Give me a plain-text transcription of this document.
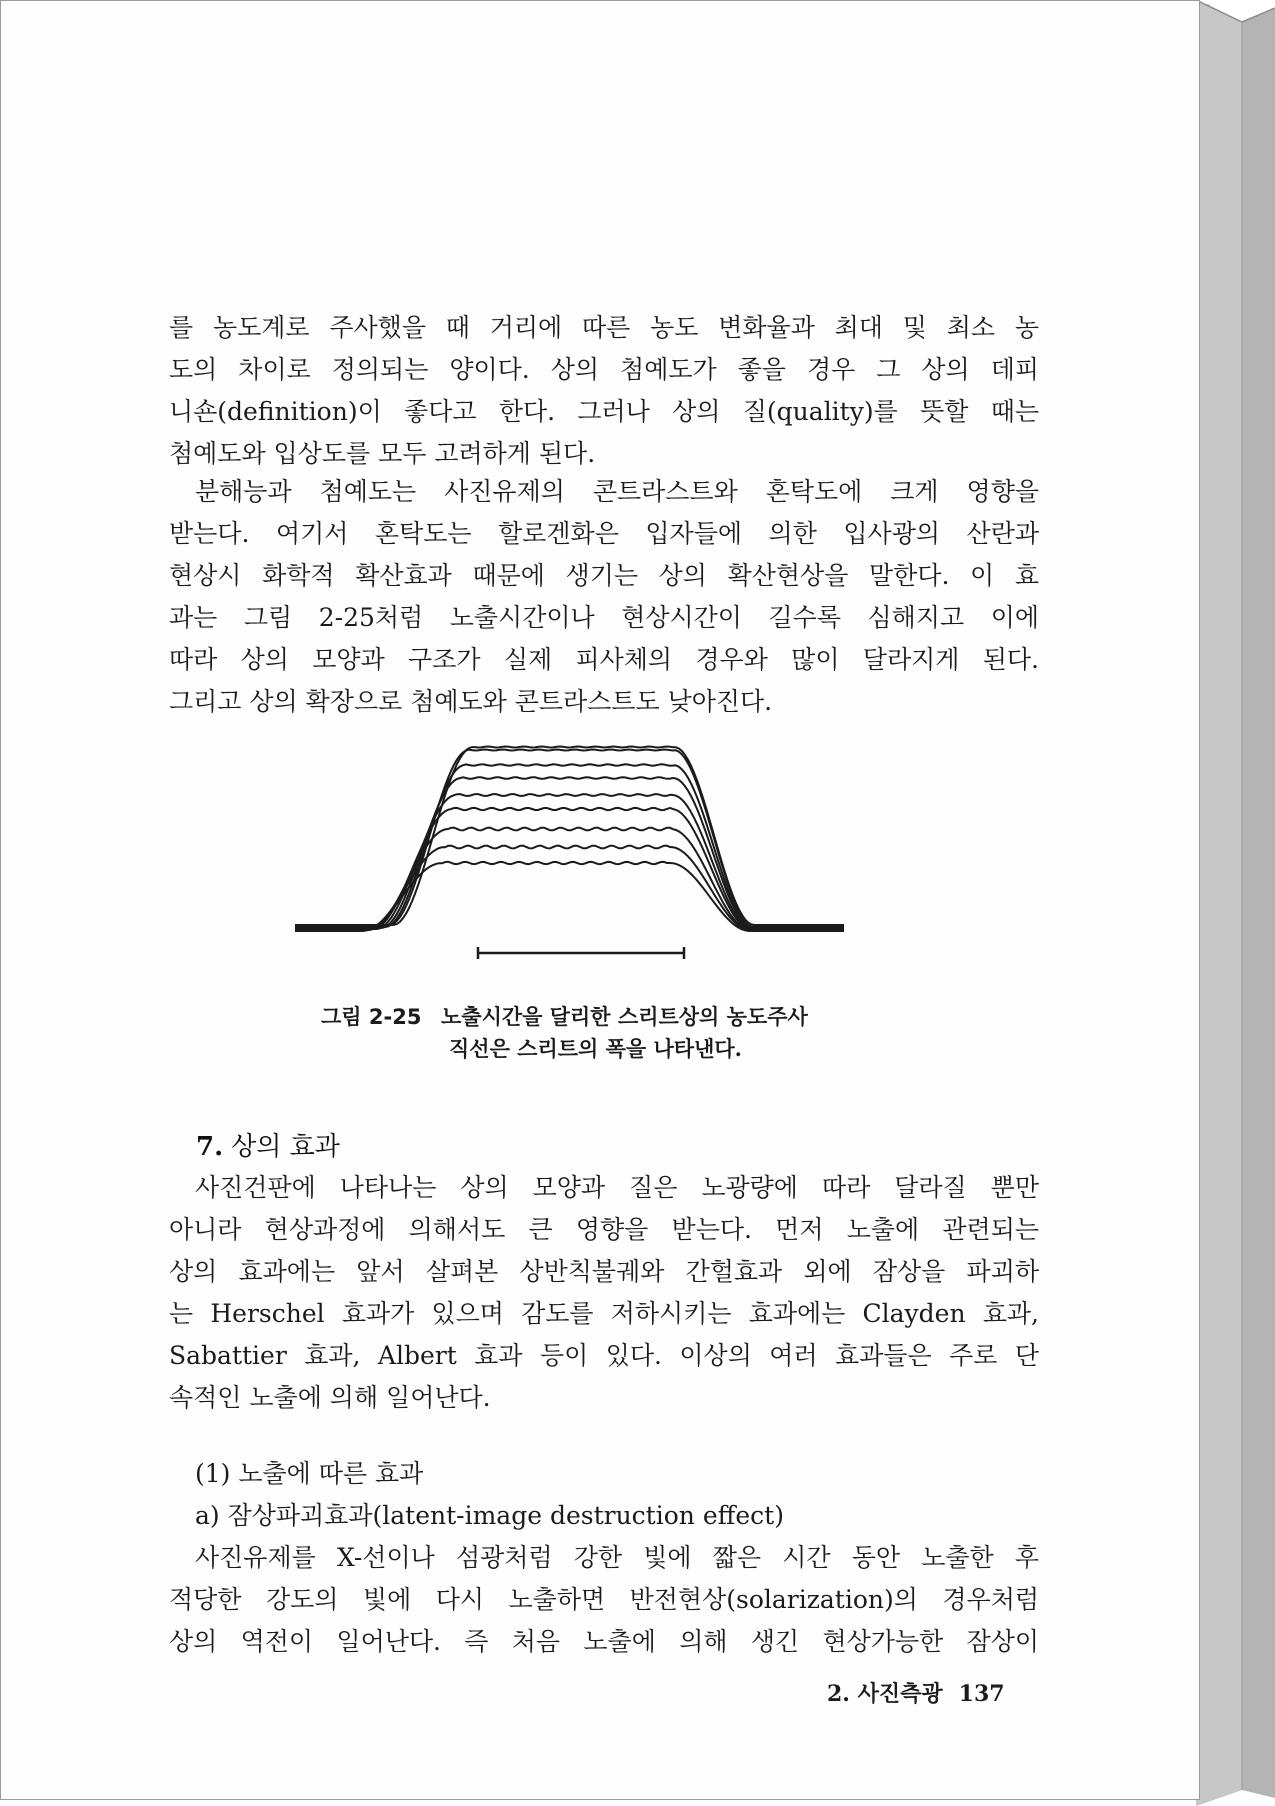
를 농도계로 주사했을 때 거리에 따른 농도 변화율과 최대 및 최소 농
도의 차이로 정의되는 양이다. 상의 첨예도가 좋을 경우 그 상의 데피
니숀(definition)이 좋다고 한다. 그러나 상의 질(quality)를 뜻할 때는
첨예도와 입상도를 모두 고려하게 된다.
분해능과 첨예도는 사진유제의 콘트라스트와 혼탁도에 크게 영향을
받는다. 여기서 혼탁도는 할로겐화은 입자들에 의한 입사광의 산란과
현상시 화학적 확산효과 때문에 생기는 상의 확산현상을 말한다. 이 효
과는 그림 2-25처럼 노출시간이나 현상시간이 길수록 심해지고 이에
따라 상의 모양과 구조가 실제 피사체의 경우와 많이 달라지게 된다.
그리고 상의 확장으로 첨예도와 콘트라스트도 낮아진다.
그림 2-25 노출시간을 달리한 스리트상의 농도주사
직선은 스리트의 폭을 나타낸다.
7. 상의 효과
사진건판에 나타나는 상의 모양과 질은 노광량에 따라 달라질 뿐만
아니라 현상과정에 의해서도 큰 영향을 받는다. 먼저 노출에 관련되는
상의 효과에는 앞서 살펴본 상반칙불궤와 간헐효과 외에 잠상을 파괴하
는 Herschel 효과가 있으며 감도를 저하시키는 효과에는 Clayden 효과,
Sabattier 효과, Albert 효과 등이 있다. 이상의 여러 효과들은 주로 단
속적인 노출에 의해 일어난다.
(1) 노출에 따른 효과
a) 잠상파괴효과(latent-image destruction effect)
사진유제를 X-선이나 섬광처럼 강한 빛에 짧은 시간 동안 노출한 후
적당한 강도의 빛에 다시 노출하면 반전현상(solarization)의 경우처럼
상의 역전이 일어난다. 즉 처음 노출에 의해 생긴 현상가능한 잠상이
2. 사진측광 137
